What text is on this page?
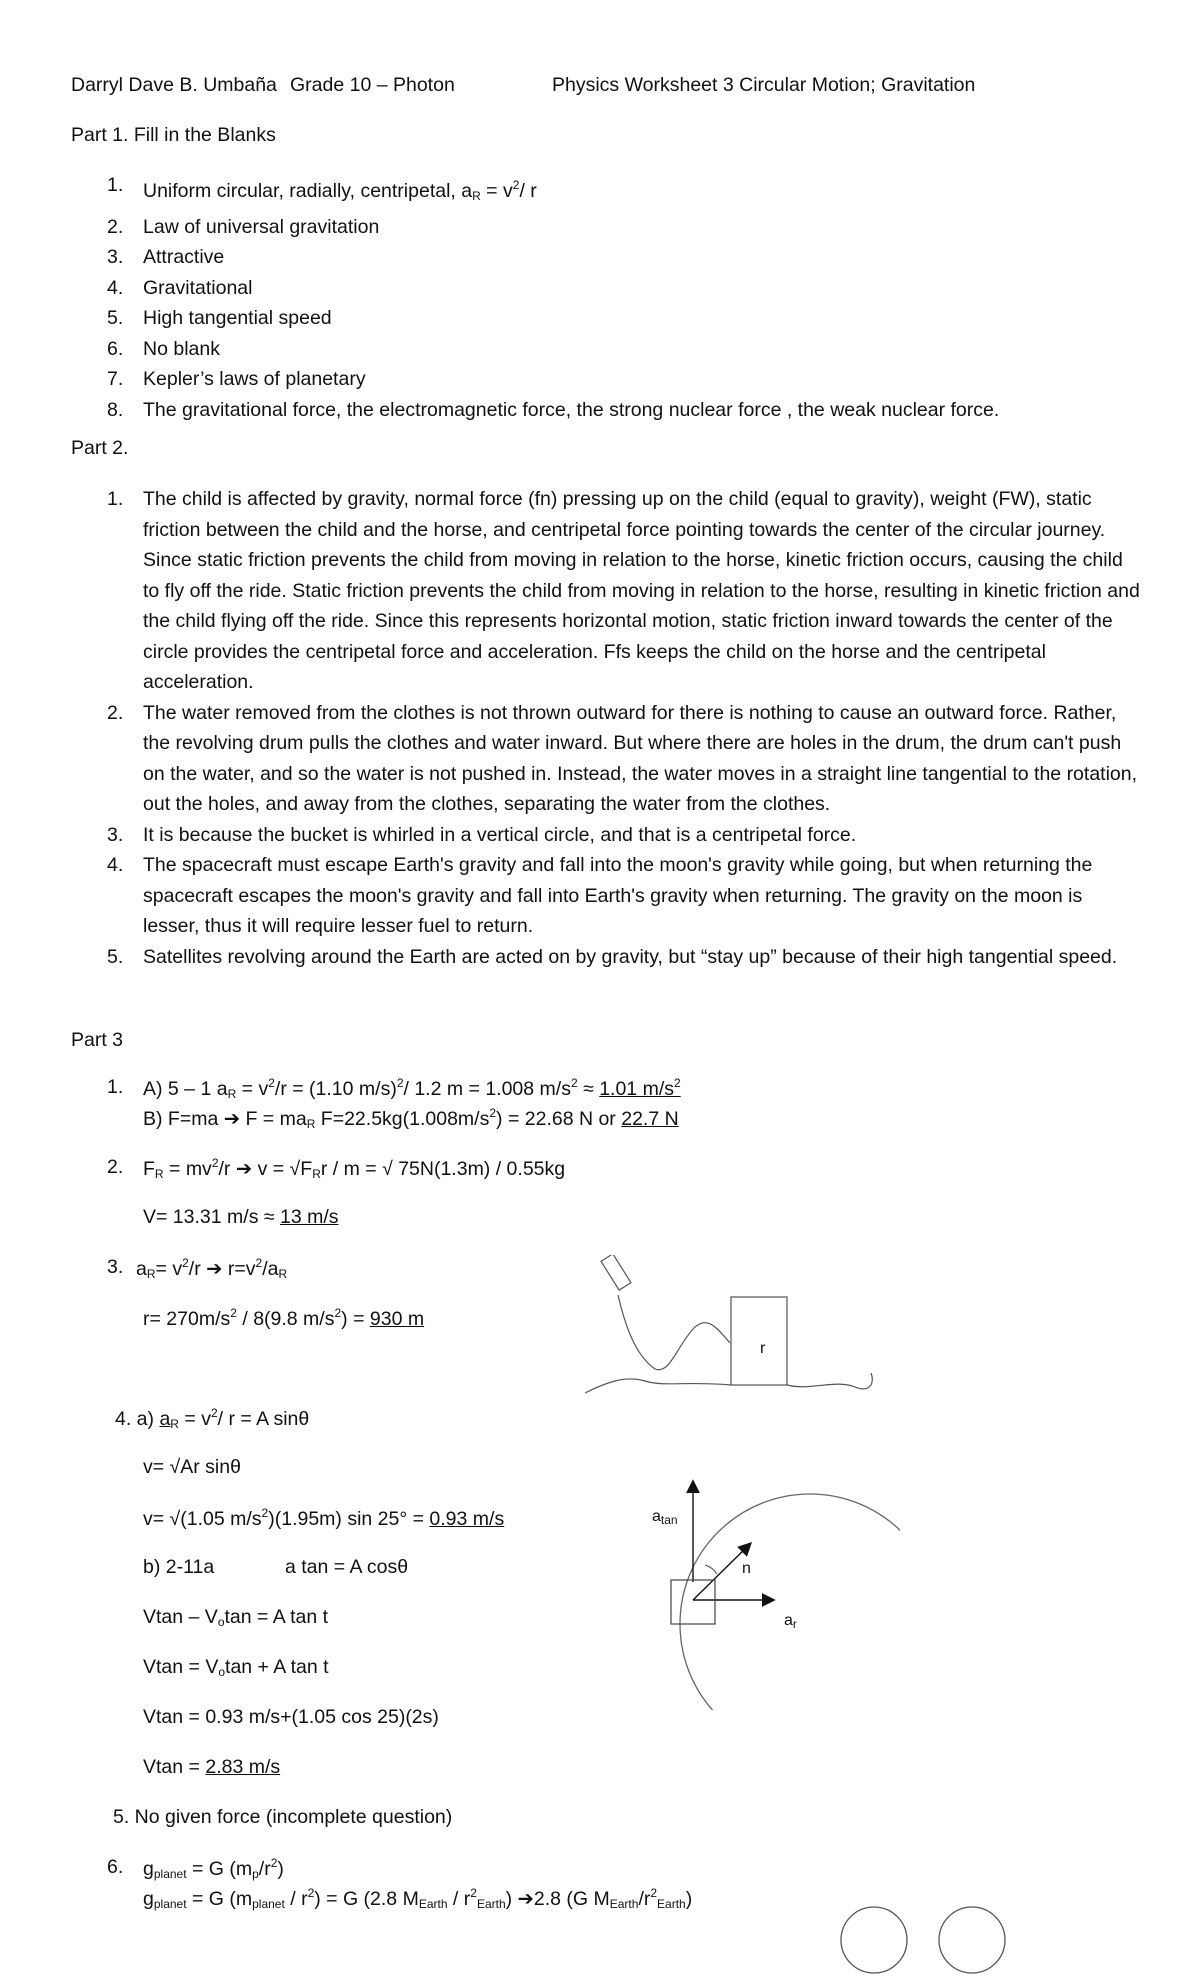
Darryl Dave B. Umbaña Grade 10 – Photon	Physics Worksheet 3 Circular Motion; Gravitation
Part 1. Fill in the Blanks
1. Uniform circular, radially, centripetal, $a_R = v^2/$ r
2. Law of universal gravitation
3. Attractive
4. Gravitational
5. High tangential speed
6. No blank
7. Kepler’s laws of planetary
8. The gravitational force, the electromagnetic force, the strong nuclear force , the weak nuclear force.
Part 2.
1. The child is affected by gravity, normal force (fn) pressing up on the child (equal to gravity), weight (FW), static friction between the child and the horse, and centripetal force pointing towards the center of the circular journey. Since static friction prevents the child from moving in relation to the horse, kinetic friction occurs, causing the child to fly off the ride. Static friction prevents the child from moving in relation to the horse, resulting in kinetic friction and the child flying off the ride. Since this represents horizontal motion, static friction inward towards the center of the circle provides the centripetal force and acceleration. Ffs keeps the child on the horse and the centripetal acceleration.
2. The water removed from the clothes is not thrown outward for there is nothing to cause an outward force. Rather, the revolving drum pulls the clothes and water inward. But where there are holes in the drum, the drum can't push on the water, and so the water is not pushed in. Instead, the water moves in a straight line tangential to the rotation, out the holes, and away from the clothes, separating the water from the clothes.
3. It is because the bucket is whirled in a vertical circle, and that is a centripetal force.
4. The spacecraft must escape Earth's gravity and fall into the moon's gravity while going, but when returning the spacecraft escapes the moon's gravity and fall into Earth's gravity when returning. The gravity on the moon is lesser, thus it will require lesser fuel to return.
5. Satellites revolving around the Earth are acted on by gravity, but “stay up” because of their high tangential speed.
Part 3
1. A) 5 – 1 $a_R = v^2/r = (1.10$ m/s)$^2$/ 1.2 m = 1.008 $m/s^2 \approx 1.01$ $m/s^2$
B) F=ma ➔ $F = ma_R$ $F=22.5kg(1.008m/s^2) = 22.68$ N or 22.7 N
2. $F_R = mv^2/r$ ➔ $v = √F_Rr / m$ = √ 75N(1.3m) / 0.55kg
V= 13.31 m/s ≈ 13 m/s
3. $a_R= v^2/r$ ➔ $r=v^2/a_R$
$r= 270m/s^2 / 8(9.8$ $m/s^2) = 930$ m
r
4. a) $a_R = v^2/$ r = A sinθ
v= √Ar sinθ
v= √(1.05 $m/s^2)(1.95m)$ sin 25° = 0.93 m/s
b) 2-11a	a tan = A cosθ
$Vtan - V_o\tan = A$ tan t
$Vtan = V_o\tan + A$ tan t
Vtan = 0.93 m/s+(1.05 cos 25)(2s)
Vtan = 2.83 m/s
$a_{tan}$
n
$a_r$
5. No given force (incomplete question)
6. $g_{planet} = G$ $(m_p/r^2)$
$g_{planet} = G$ $(m_{planet} / r^2) = G$ (2.8 $M_{Earth} / r^2_{Earth}$) ➔2.8 (G $M_{Earth}/r^2_{Earth}$)
